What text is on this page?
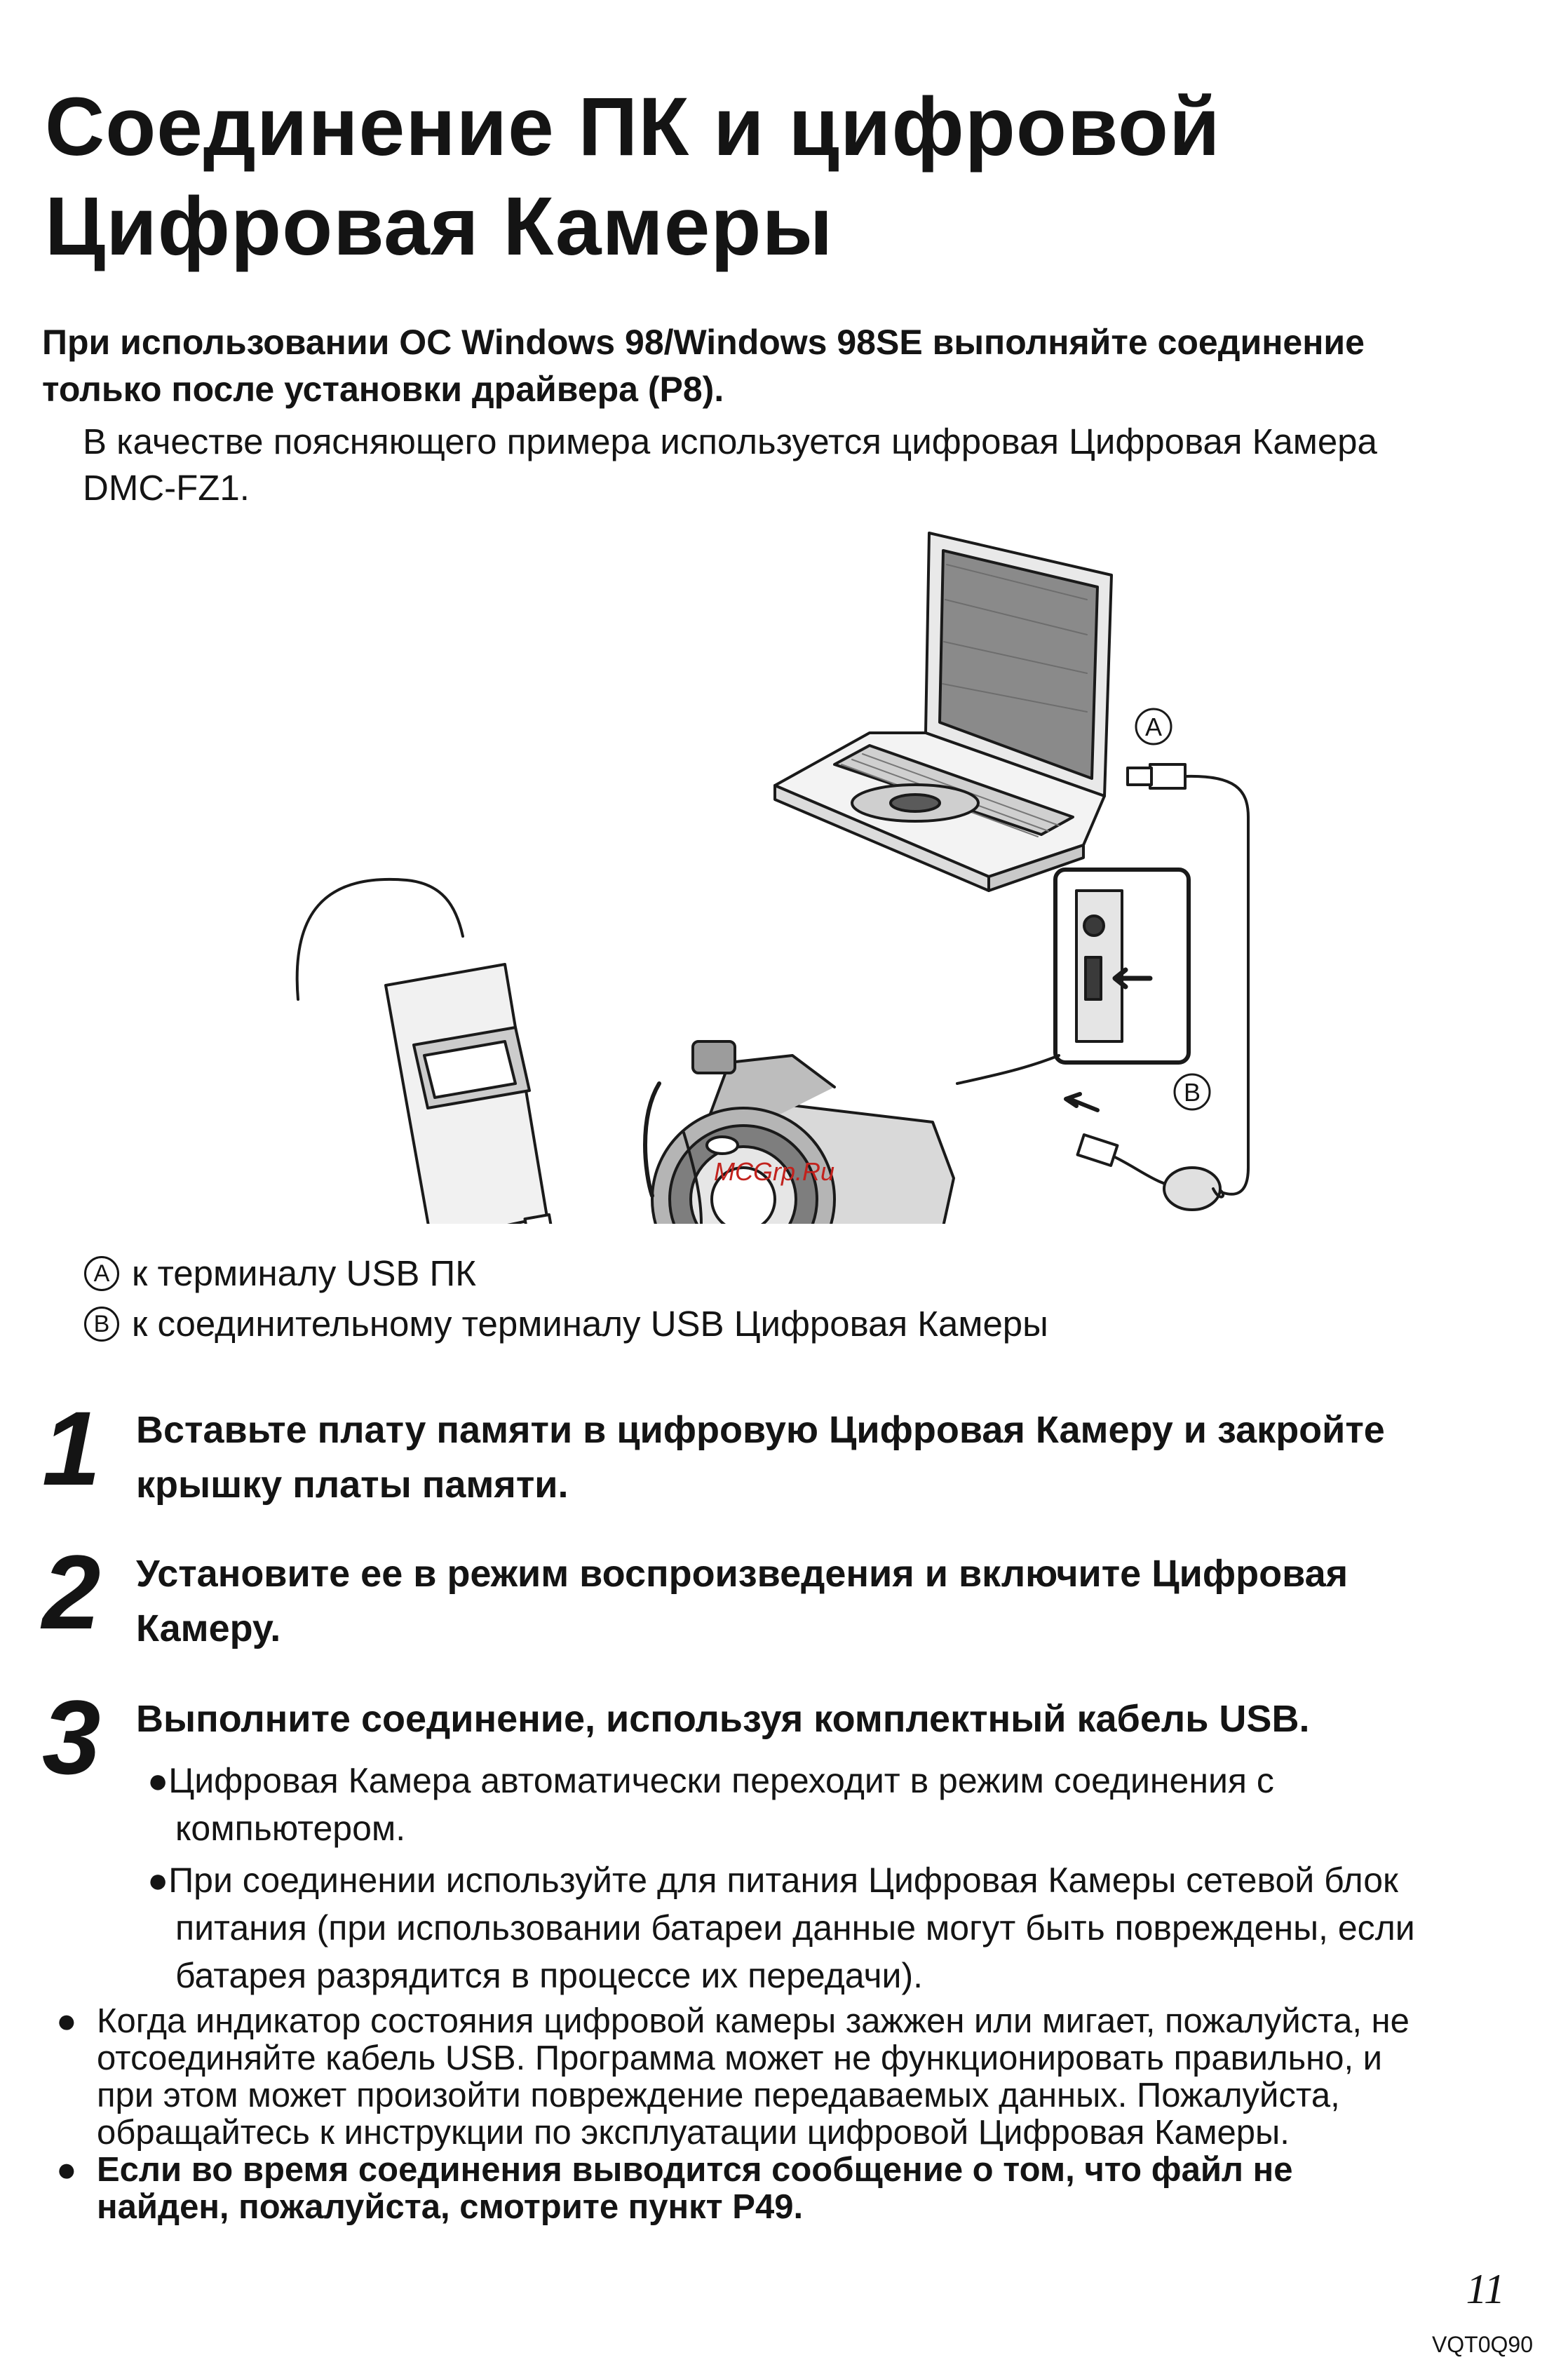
Соединение ПК и цифровой
Цифровая Камеры
При использовании ОС Windows 98/Windows 98SE выполняйте соединение
только после установки драйвера (P8).
В качестве поясняющего примера используется цифровая Цифровая Камера
DMC-FZ1.
A
B
MCGrp.Ru
A к терминалу USB ПК
B к соединительному терминалу USB Цифровая Камеры
1 Вставьте плату памяти в цифровую Цифровая Камеру и закройте
крышку платы памяти.
2 Установите ее в режим воспроизведения и включите Цифровая
Камеру.
3 Выполните соединение, используя комплектный кабель USB.
●Цифровая Камера автоматически переходит в режим соединения с
компьютером.
●При соединении используйте для питания Цифровая Камеры сетевой блок
питания (при использовании батареи данные могут быть повреждены, если
батарея разрядится в процессе их передачи).
● Когда индикатор состояния цифровой камеры зажжен или мигает, пожалуйста, не
отсоединяйте кабель USB. Программа может не функционировать правильно, и
при этом может произойти повреждение передаваемых данных. Пожалуйста,
обращайтесь к инструкции по эксплуатации цифровой Цифровая Камеры.
● Если во время соединения выводится сообщение о том, что файл не
найден, пожалуйста, смотрите пункт P49.
11
VQT0Q90
